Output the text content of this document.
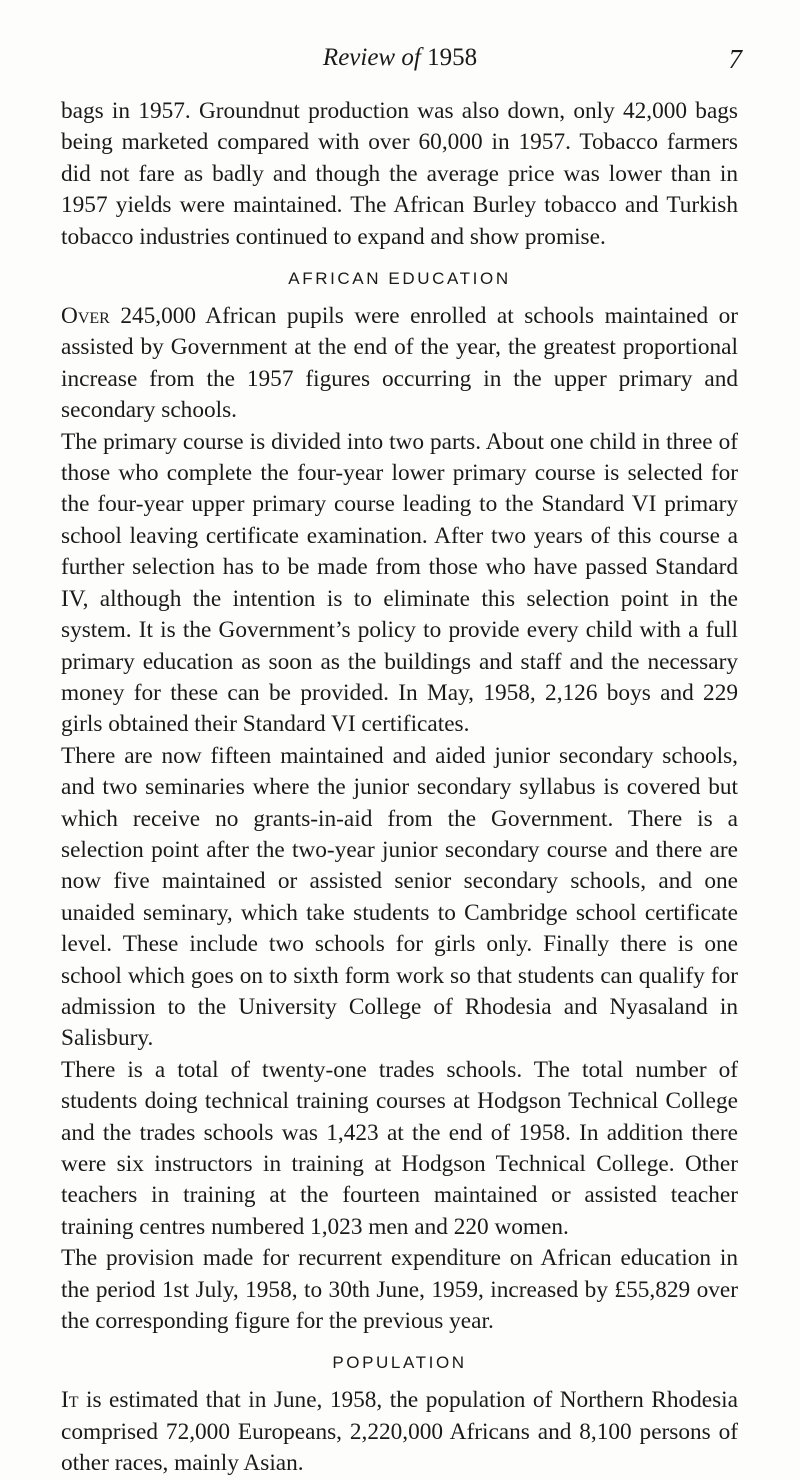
Review of 1958	7

bags in 1957. Groundnut production was also down, only 42,000 bags being marketed compared with over 60,000 in 1957. Tobacco farmers did not fare as badly and though the average price was lower than in 1957 yields were maintained. The African Burley tobacco and Turkish tobacco industries continued to expand and show promise.

AFRICAN EDUCATION

Over 245,000 African pupils were enrolled at schools maintained or assisted by Government at the end of the year, the greatest proportional increase from the 1957 figures occurring in the upper primary and secondary schools.

The primary course is divided into two parts. About one child in three of those who complete the four-year lower primary course is selected for the four-year upper primary course leading to the Standard VI primary school leaving certificate examination. After two years of this course a further selection has to be made from those who have passed Standard IV, although the intention is to eliminate this selection point in the system. It is the Government’s policy to provide every child with a full primary education as soon as the buildings and staff and the necessary money for these can be provided. In May, 1958, 2,126 boys and 229 girls obtained their Standard VI certificates.

There are now fifteen maintained and aided junior secondary schools, and two seminaries where the junior secondary syllabus is covered but which receive no grants-in-aid from the Government. There is a selection point after the two-year junior secondary course and there are now five maintained or assisted senior secondary schools, and one unaided seminary, which take students to Cambridge school certificate level. These include two schools for girls only. Finally there is one school which goes on to sixth form work so that students can qualify for admission to the University College of Rhodesia and Nyasaland in Salisbury.

There is a total of twenty-one trades schools. The total number of students doing technical training courses at Hodgson Technical College and the trades schools was 1,423 at the end of 1958. In addition there were six instructors in training at Hodgson Technical College. Other teachers in training at the fourteen maintained or assisted teacher training centres numbered 1,023 men and 220 women.

The provision made for recurrent expenditure on African education in the period 1st July, 1958, to 30th June, 1959, increased by £55,829 over the corresponding figure for the previous year.

POPULATION

It is estimated that in June, 1958, the population of Northern Rhodesia comprised 72,000 Europeans, 2,220,000 Africans and 8,100 persons of other races, mainly Asian.
